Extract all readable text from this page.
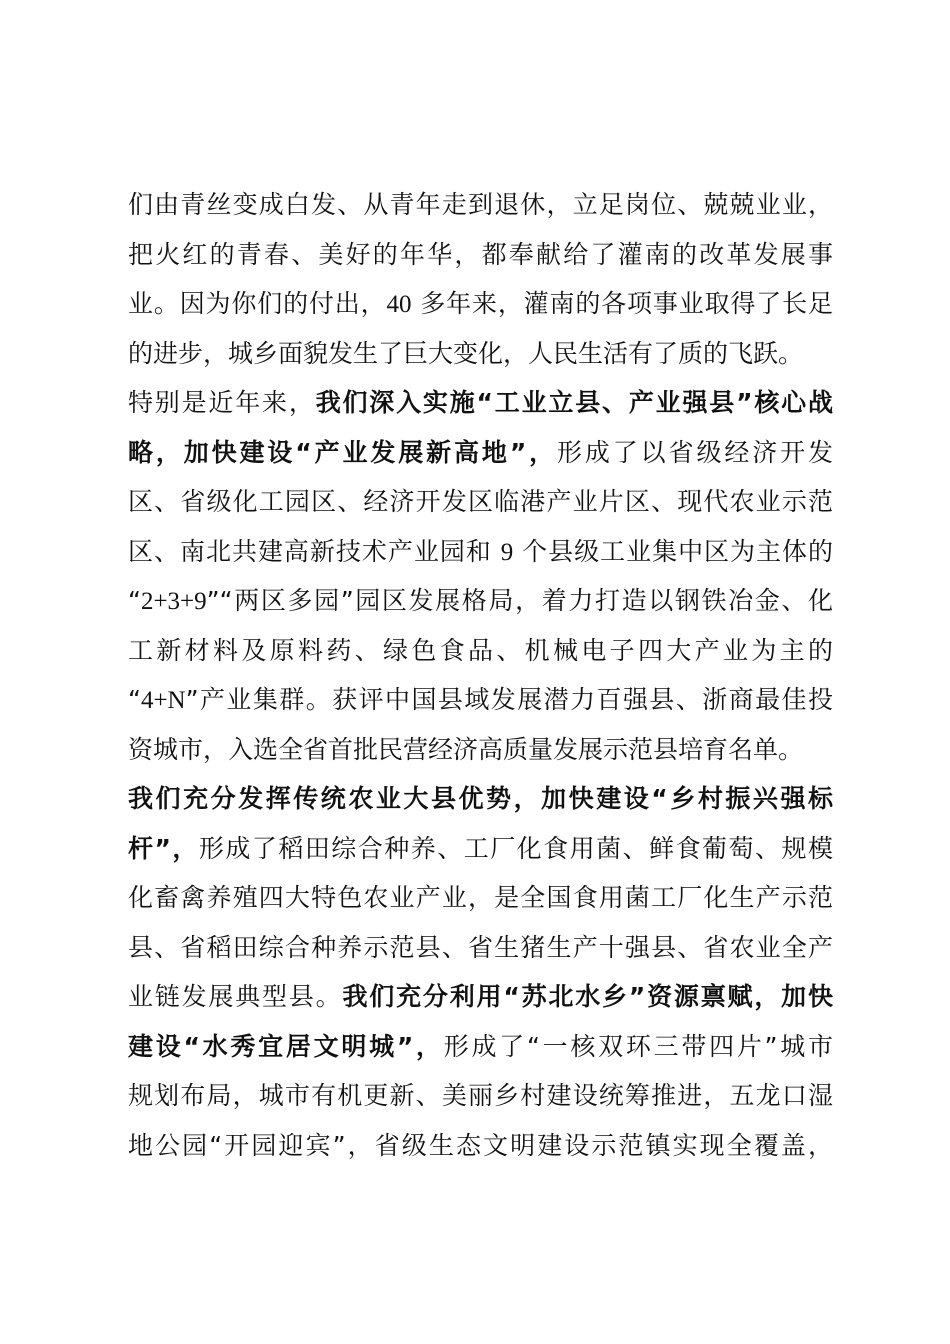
们由青丝变成白发、从青年走到退休，立足岗位、兢兢业业，
把火红的青春、美好的年华，都奉献给了灌南的改革发展事
业。因为你们的付出，40 多年来，灌南的各项事业取得了长足
的进步，城乡面貌发生了巨大变化，人民生活有了质的飞跃。
特别是近年来，我们深入实施“工业立县、产业强县”核心战
略，加快建设“产业发展新高地”，形成了以省级经济开发
区、省级化工园区、经济开发区临港产业片区、现代农业示范
区、南北共建高新技术产业园和 9 个县级工业集中区为主体的
“2+3+9”“两区多园”园区发展格局，着力打造以钢铁冶金、化
工新材料及原料药、绿色食品、机械电子四大产业为主的
“4+N”产业集群。获评中国县域发展潜力百强县、浙商最佳投
资城市，入选全省首批民营经济高质量发展示范县培育名单。
我们充分发挥传统农业大县优势，加快建设“乡村振兴强标
杆”，形成了稻田综合种养、工厂化食用菌、鲜食葡萄、规模
化畜禽养殖四大特色农业产业，是全国食用菌工厂化生产示范
县、省稻田综合种养示范县、省生猪生产十强县、省农业全产
业链发展典型县。我们充分利用“苏北水乡”资源禀赋，加快
建设“水秀宜居文明城”，形成了“一核双环三带四片”城市
规划布局，城市有机更新、美丽乡村建设统筹推进，五龙口湿
地公园“开园迎宾”，省级生态文明建设示范镇实现全覆盖，
